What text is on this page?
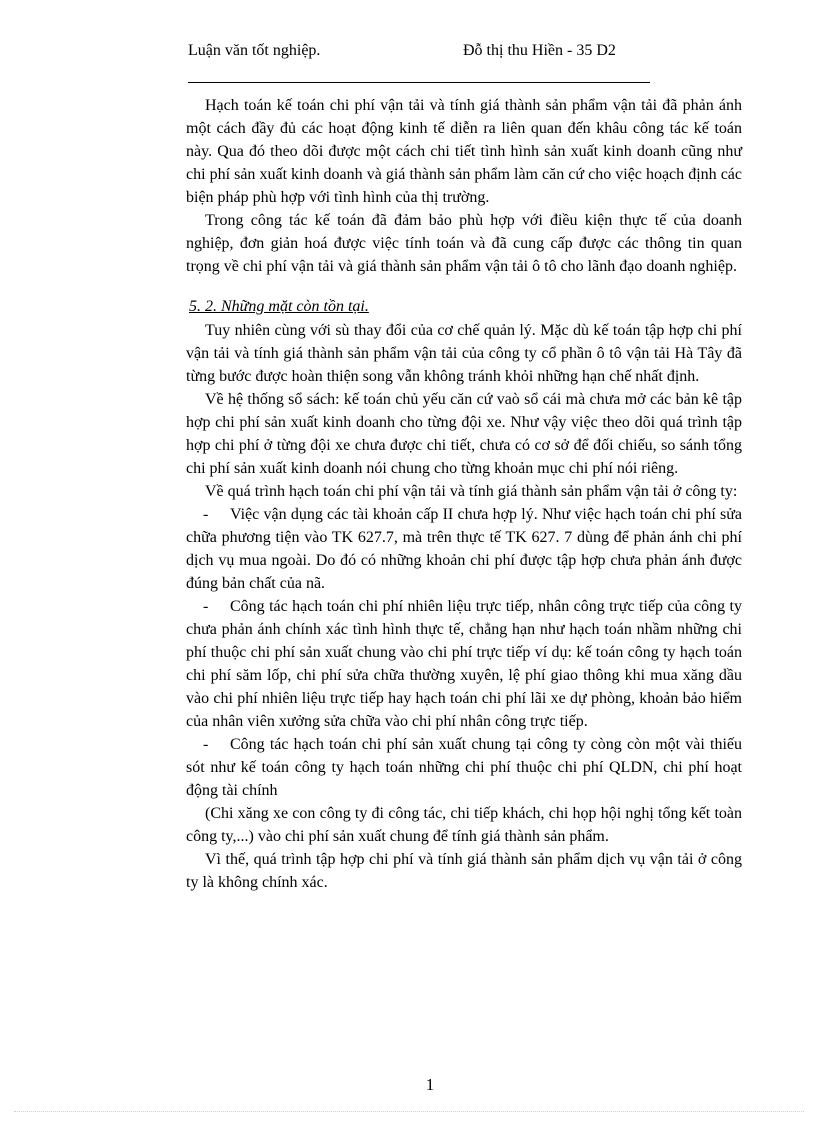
Luận văn tốt nghiệp.	Đỗ thị thu Hiền - 35 D2

Hạch toán kế toán chi phí vận tải và tính giá thành sản phẩm vận tải đã phản ánh một cách đầy đủ các hoạt động kinh tế diễn ra liên quan đến khâu công tác kế toán này. Qua đó theo dõi được một cách chi tiết tình hình sản xuất kinh doanh cũng như chi phí sản xuất kinh doanh và giá thành sản phẩm làm căn cứ cho việc hoạch định các biện pháp phù hợp với tình hình của thị trường.

Trong công tác kế toán đã đảm bảo phù hợp với điều kiện thực tế của doanh nghiệp, đơn giản hoá được việc tính toán và đã cung cấp được các thông tin quan trọng về chi phí vận tải và giá thành sản phẩm vận tải ô tô cho lãnh đạo doanh nghiệp.

5. 2. Những mặt còn tồn tại.

Tuy nhiên cùng với sù thay đổi của cơ chế quản lý. Mặc dù kế toán tập hợp chi phí vận tải và tính giá thành sản phẩm vận tải của công ty cổ phần ô tô vận tải Hà Tây đã từng bước được hoàn thiện song vẫn không tránh khỏi những hạn chế nhất định.

Về hệ thống sổ sách: kế toán chủ yếu căn cứ vaò sổ cái mà chưa mở các bản kê tập hợp chi phí sản xuất kinh doanh cho từng đội xe. Như vậy việc theo dõi quá trình tập hợp chi phí ở từng đội xe chưa được chi tiết, chưa có cơ sở để đối chiếu, so sánh tổng chi phí sản xuất kinh doanh nói chung cho từng khoản mục chi phí nói riêng.

Về quá trình hạch toán chi phí vận tải và tính giá thành sản phẩm vận tải ở công ty:

- Việc vận dụng các tài khoản cấp II chưa hợp lý. Như việc hạch toán chi phí sửa chữa phương tiện vào TK 627.7, mà trên thực tế TK 627. 7 dùng để phản ánh chi phí dịch vụ mua ngoài. Do đó có những khoản chi phí được tập hợp chưa phản ánh được đúng bản chất của nã.

- Công tác hạch toán chi phí nhiên liệu trực tiếp, nhân công trực tiếp của công ty chưa phản ánh chính xác tình hình thực tế, chẳng hạn như hạch toán nhầm những chi phí thuộc chi phí sản xuất chung vào chi phí trực tiếp ví dụ: kế toán công ty hạch toán chi phí săm lốp, chi phí sửa chữa thường xuyên, lệ phí giao thông khi mua xăng dầu vào chi phí nhiên liệu trực tiếp hay hạch toán chi phí lãi xe dự phòng, khoản bảo hiểm của nhân viên xưởng sửa chữa vào chi phí nhân công trực tiếp.

- Công tác hạch toán chi phí sản xuất chung tại công ty còng còn một vài thiếu sót như kế toán công ty hạch toán những chi phí thuộc chi phí QLDN, chi phí hoạt động tài chính

(Chi xăng xe con công ty đi công tác, chi tiếp khách, chi họp hội nghị tổng kết toàn công ty,...) vào chi phí sản xuất chung để tính giá thành sản phẩm.

Vì thế, quá trình tập hợp chi phí và tính giá thành sản phẩm dịch vụ vận tải ở công ty là không chính xác.

1
